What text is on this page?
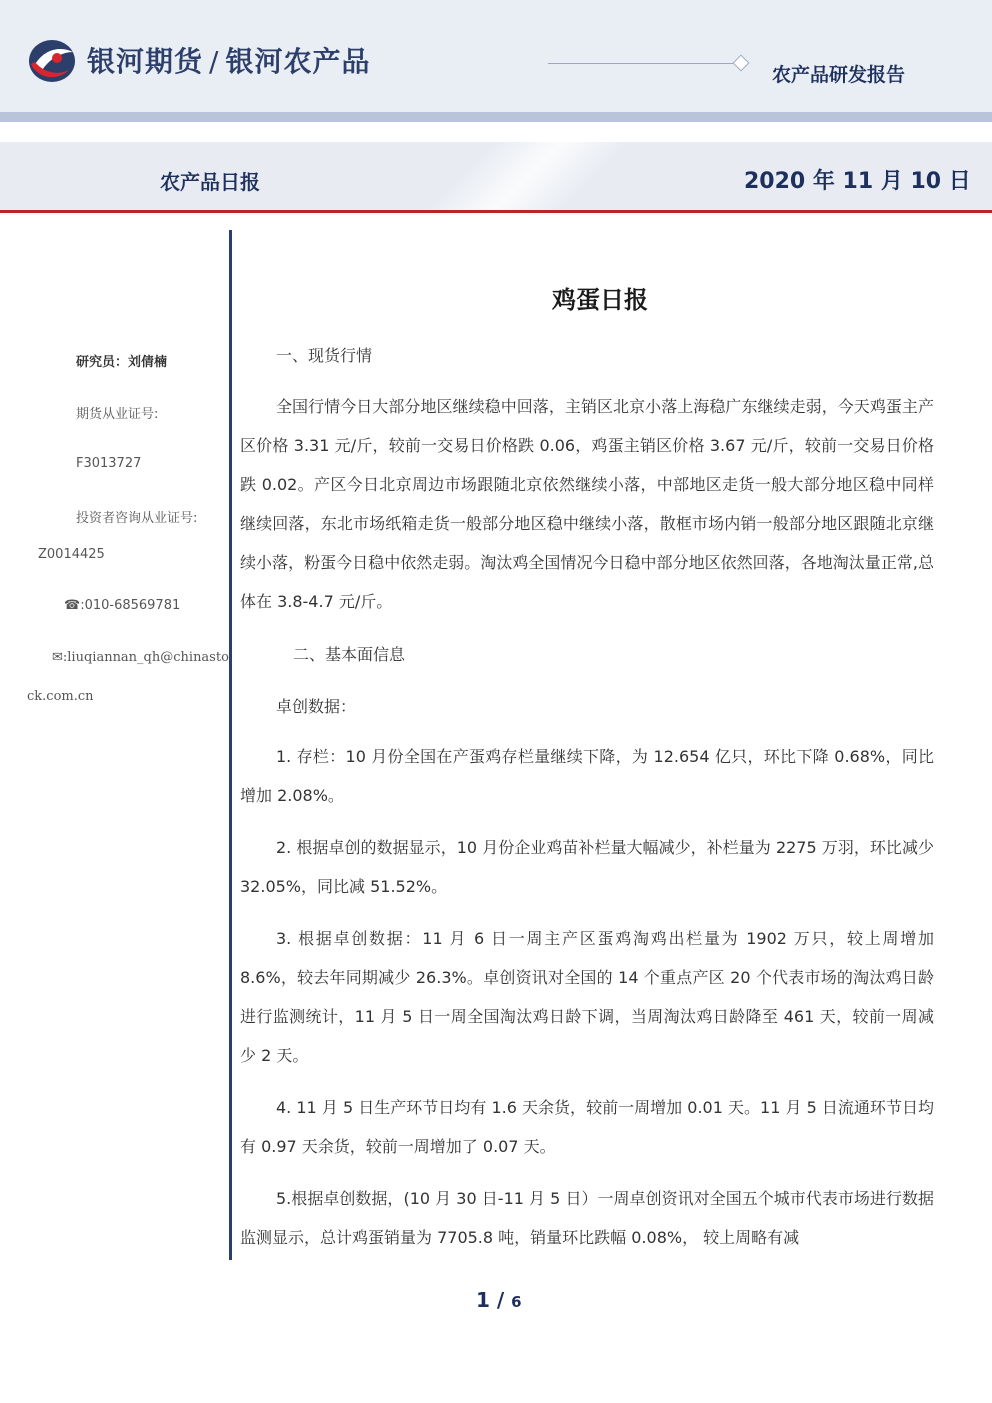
银河期货 / 银河农产品	农产品研发报告
农产品日报	2020 年 11 月 10 日
研究员：刘倩楠
期货从业证号:
F3013727
投资者咨询从业证号:
Z0014425
☎:010-68569781
✉:liuqiannan_qh@chinasto
ck.com.cn
鸡蛋日报
一、现货行情
全国行情今日大部分地区继续稳中回落，主销区北京小落上海稳广东继续走弱，今天鸡蛋主产区价格 3.31 元/斤，较前一交易日价格跌 0.06，鸡蛋主销区价格 3.67 元/斤，较前一交易日价格跌 0.02。产区今日北京周边市场跟随北京依然继续小落，中部地区走货一般大部分地区稳中同样继续回落，东北市场纸箱走货一般部分地区稳中继续小落，散框市场内销一般部分地区跟随北京继续小落，粉蛋今日稳中依然走弱。淘汰鸡全国情况今日稳中部分地区依然回落，各地淘汰量正常,总体在 3.8-4.7 元/斤。
二、基本面信息
卓创数据：
1. 存栏：10 月份全国在产蛋鸡存栏量继续下降，为 12.654 亿只，环比下降 0.68%，同比增加 2.08%。
2. 根据卓创的数据显示，10 月份企业鸡苗补栏量大幅减少，补栏量为 2275 万羽，环比减少 32.05%，同比减 51.52%。
3. 根据卓创数据：11 月 6 日一周主产区蛋鸡淘鸡出栏量为 1902 万只，较上周增加 8.6%，较去年同期减少 26.3%。卓创资讯对全国的 14 个重点产区 20 个代表市场的淘汰鸡日龄进行监测统计，11 月 5 日一周全国淘汰鸡日龄下调，当周淘汰鸡日龄降至 461 天，较前一周减少 2 天。
4. 11 月 5 日生产环节日均有 1.6 天余货，较前一周增加 0.01 天。11 月 5 日流通环节日均有 0.97 天余货，较前一周增加了 0.07 天。
5.根据卓创数据，(10 月 30 日-11 月 5 日）一周卓创资讯对全国五个城市代表市场进行数据监测显示，总计鸡蛋销量为 7705.8 吨，销量环比跌幅 0.08%， 较上周略有减
1 / 6
